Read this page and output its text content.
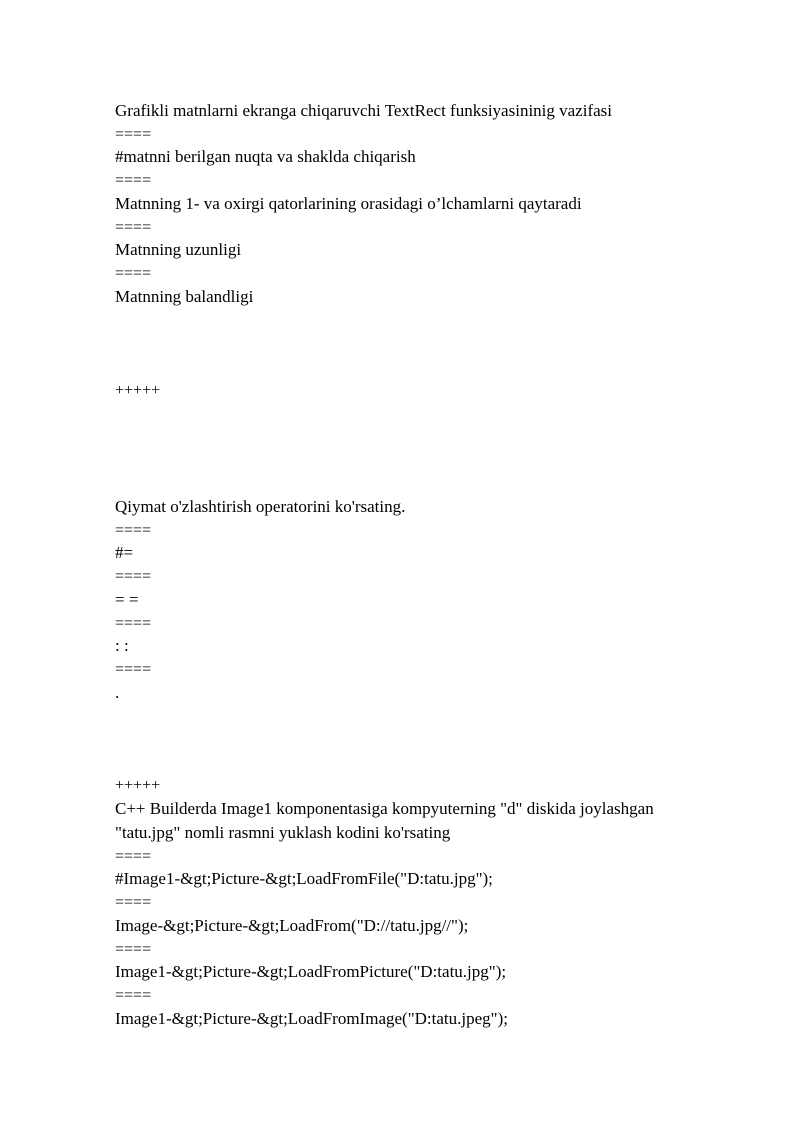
Grafikli matnlarni ekranga chiqaruvchi TextRect funksiyasininig vazifasi
====
#matnni berilgan nuqta va shaklda chiqarish
====
Matnning 1- va oxirgi qatorlarining orasidagi o’lchamlarni qaytaradi
====
Matnning uzunligi
====
Matnning balandligi
+++++
Qiymat o'zlashtirish operatorini ko'rsating.
====
#=
====
= =
====
: :
====
.
+++++
C++ Builderda Image1 komponentasiga kompyuterning "d" diskida joylashgan
"tatu.jpg" nomli rasmni yuklash kodini ko'rsating
====
#Image1-&gt;Picture-&gt;LoadFromFile("D:tatu.jpg");
====
Image-&gt;Picture-&gt;LoadFrom("D://tatu.jpg//");
====
Image1-&gt;Picture-&gt;LoadFromPicture("D:tatu.jpg");
====
Image1-&gt;Picture-&gt;LoadFromImage("D:tatu.jpeg");
